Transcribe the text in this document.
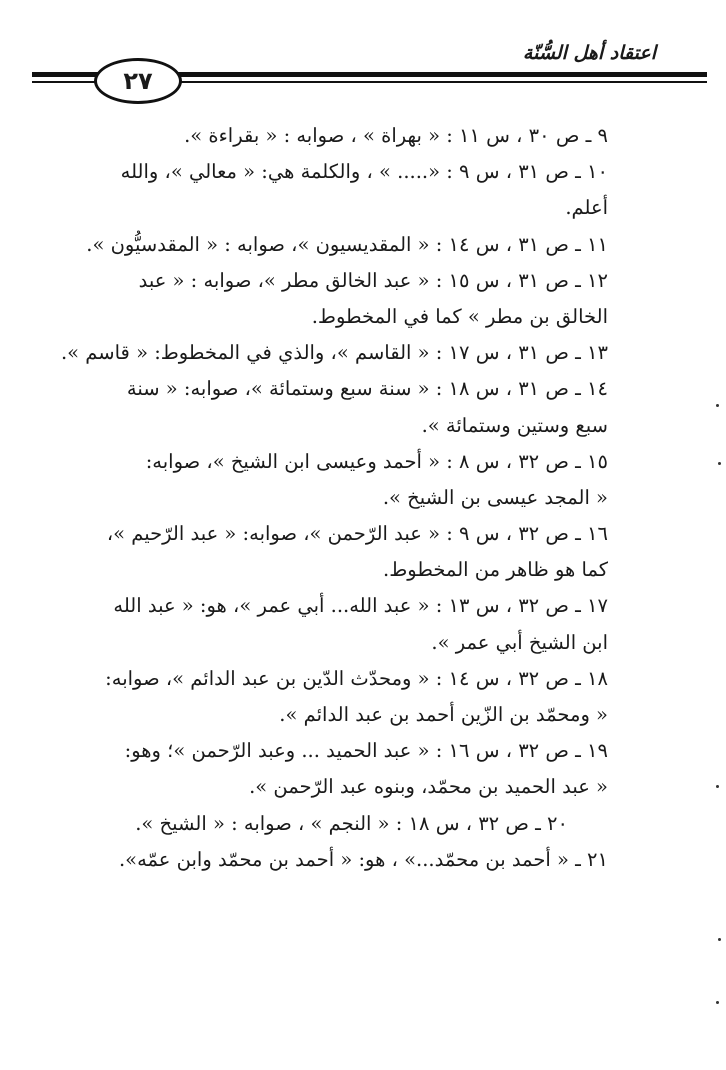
اعتقاد أهل السُّنّة
٢٧
٩ ـ ص ٣٠ ، س ١١ : « بهراة » ، صوابه : « بقراءة ».
١٠ ـ ص ٣١ ، س ٩ : «..... » ، والكلمة هي: « معالي »، والله
أعلم.
١١ ـ ص ٣١ ، س ١٤ : « المقديسيون »، صوابه : « المقدسيُّون ».
١٢ ـ ص ٣١ ، س ١٥ : « عبد الخالق مطر »، صوابه : « عبد
الخالق بن مطر » كما في المخطوط.
١٣ ـ ص ٣١ ، س ١٧ : « القاسم »، والذي في المخطوط: « قاسم ».
١٤ ـ ص ٣١ ، س ١٨ : « سنة سبع وستمائة »، صوابه: « سنة
سبع وستين وستمائة ».
١٥ ـ ص ٣٢ ، س ٨ : « أحمد وعيسى ابن الشيخ »، صوابه:
« المجد عيسى بن الشيخ ».
١٦ ـ ص ٣٢ ، س ٩ : « عبد الرّحمن »، صوابه: « عبد الرّحيم »،
كما هو ظاهر من المخطوط.
١٧ ـ ص ٣٢ ، س ١٣ : « عبد الله... أبي عمر »، هو: « عبد الله
ابن الشيخ أبي عمر ».
١٨ ـ ص ٣٢ ، س ١٤ : « ومحدّث الدّين بن عبد الدائم »، صوابه:
« ومحمّد بن الزّين أحمد بن عبد الدائم ».
١٩ ـ ص ٣٢ ، س ١٦ : « عبد الحميد ... وعبد الرّحمن »؛ وهو:
« عبد الحميد بن محمّد، وبنوه عبد الرّحمن ».
٢٠ ـ ص ٣٢ ، س ١٨ : « النجم » ، صوابه : « الشيخ ».
٢١ ـ « أحمد بن محمّد...» ، هو: « أحمد بن محمّد وابن عمّه».
